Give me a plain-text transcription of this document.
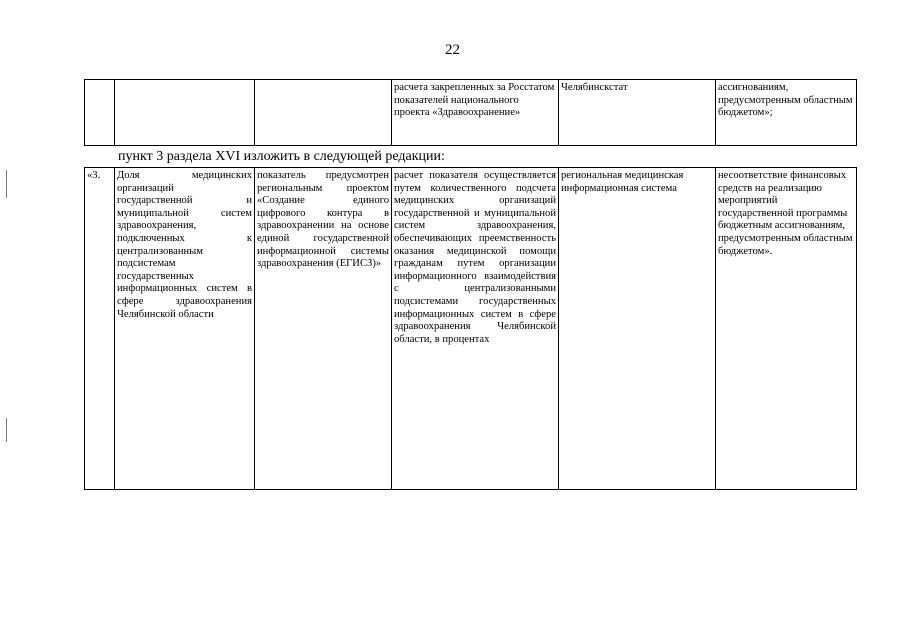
22
			расчета закрепленных за Росстатом показателей национального проекта «Здравоохранение»	Челябинскстат	ассигнованиям, предусмотренным областным бюджетом»;
пункт 3 раздела XVI изложить в следующей редакции:
«3.	Доля медицинских организаций государственной и муниципальной систем здравоохранения, подключенных к централизованным подсистемам государственных информационных систем в сфере здравоохранения Челябинской области	показатель предусмотрен региональным проектом «Создание единого цифрового контура в здравоохранении на основе единой государственной информационной системы здравоохранения (ЕГИСЗ)»	расчет показателя осуществляется путем количественного подсчета медицинских организаций государственной и муниципальной систем здравоохранения, обеспечивающих преемственность оказания медицинской помощи гражданам путем организации информационного взаимодействия с централизованными подсистемами государственных информационных систем в сфере здравоохранения Челябинской области, в процентах	региональная медицинская информационная система	несоответствие финансовых средств на реализацию мероприятий государственной программы бюджетным ассигнованиям, предусмотренным областным бюджетом».
